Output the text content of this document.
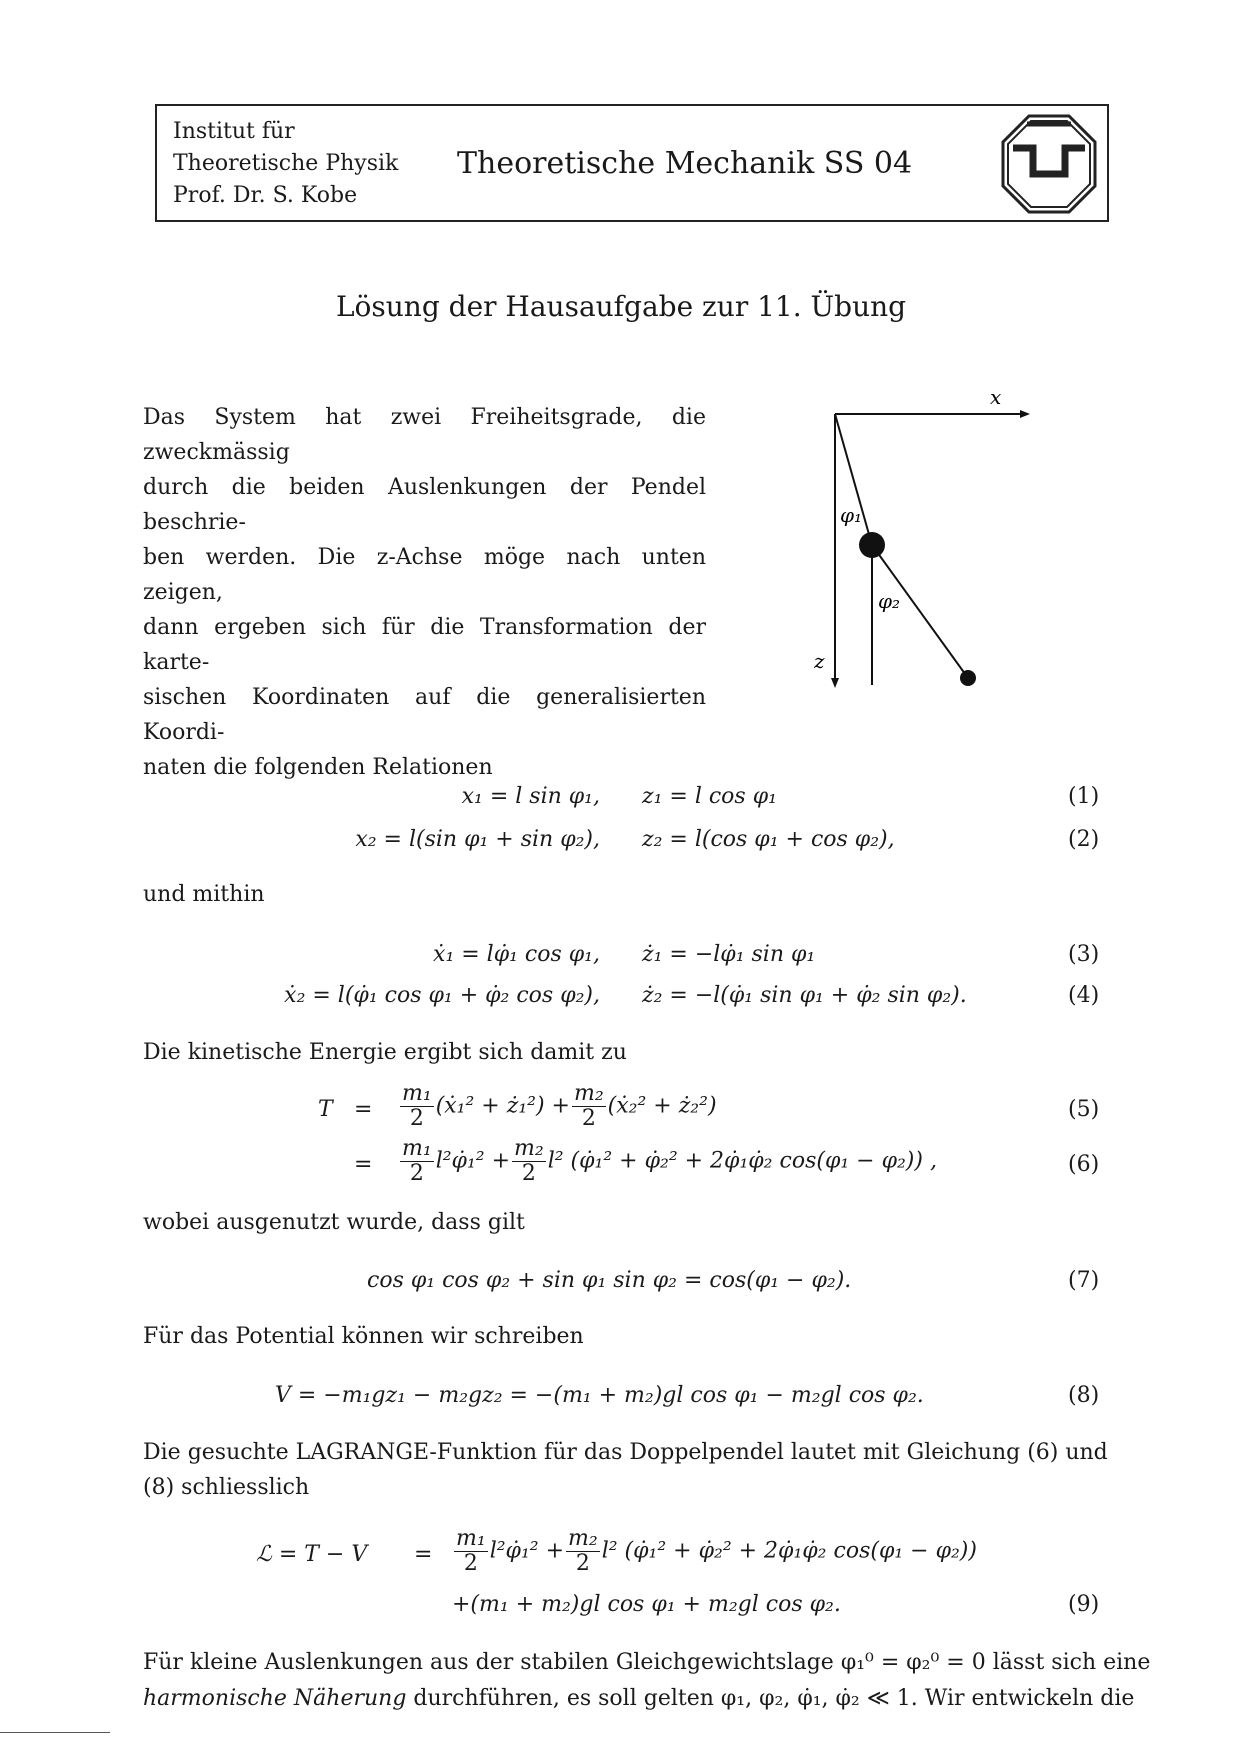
Institut für
Theoretische Physik
Prof. Dr. S. Kobe
Theoretische Mechanik SS 04
Lösung der Hausaufgabe zur 11. Übung
Das System hat zwei Freiheitsgrade, die zweckmässig
durch die beiden Auslenkungen der Pendel beschrie-
ben werden. Die z-Achse möge nach unten zeigen,
dann ergeben sich für die Transformation der karte-
sischen Koordinaten auf die generalisierten Koordi-
naten die folgenden Relationen
x
z
φ₁
φ₂
x₁ = l sin φ₁, z₁ = l cos φ₁	(1)
x₂ = l(sin φ₁ + sin φ₂), z₂ = l(cos φ₁ + cos φ₂),	(2)
und mithin
ẋ₁ = lφ̇₁ cos φ₁, ż₁ = −lφ̇₁ sin φ₁	(3)
ẋ₂ = l(φ̇₁ cos φ₁ + φ̇₂ cos φ₂), ż₂ = −l(φ̇₁ sin φ₁ + φ̇₂ sin φ₂).	(4)
Die kinetische Energie ergibt sich damit zu
$T = \frac{\text{m₁}}{2}$ (ẋ₁² + ż₁²) + $\frac{\text{m₂}}{2}$ (ẋ₂² + ż₂²)	(5)
= $\frac{\text{m₁}}{2}$ l²φ̇₁² + $\frac{\text{m₂}}{2} l^2$ (φ̇₁² + φ̇₂² + 2φ̇₁φ̇₂ cos(φ₁ − φ₂)) ,	(6)
wobei ausgenutzt wurde, dass gilt
cos φ₁ cos φ₂ + sin φ₁ sin φ₂ = cos(φ₁ − φ₂).	(7)
Für das Potential können wir schreiben
V = −m₁gz₁ − m₂gz₂ = −(m₁ + m₂)gl cos φ₁ − m₂gl cos φ₂.	(8)
Die gesuchte LAGRANGE-Funktion für das Doppelpendel lautet mit Gleichung (6) und
(8) schliesslich
ℒ = $T - V = \frac{\text{m₁}}{2}$ l²φ̇₁² + $\frac{\text{m₂}}{2} l^2$ (φ̇₁² + φ̇₂² + 2φ̇₁φ̇₂ cos(φ₁ − φ₂))
+(m₁ + m₂)gl cos φ₁ + m₂gl cos φ₂.	(9)
Für kleine Auslenkungen aus der stabilen Gleichgewichtslage φ₁⁰ = φ₂⁰ = 0 lässt sich eine
harmonische Näherung durchführen, es soll gelten φ₁, φ₂, φ̇₁, φ̇₂ ≪ 1. Wir entwickeln die
